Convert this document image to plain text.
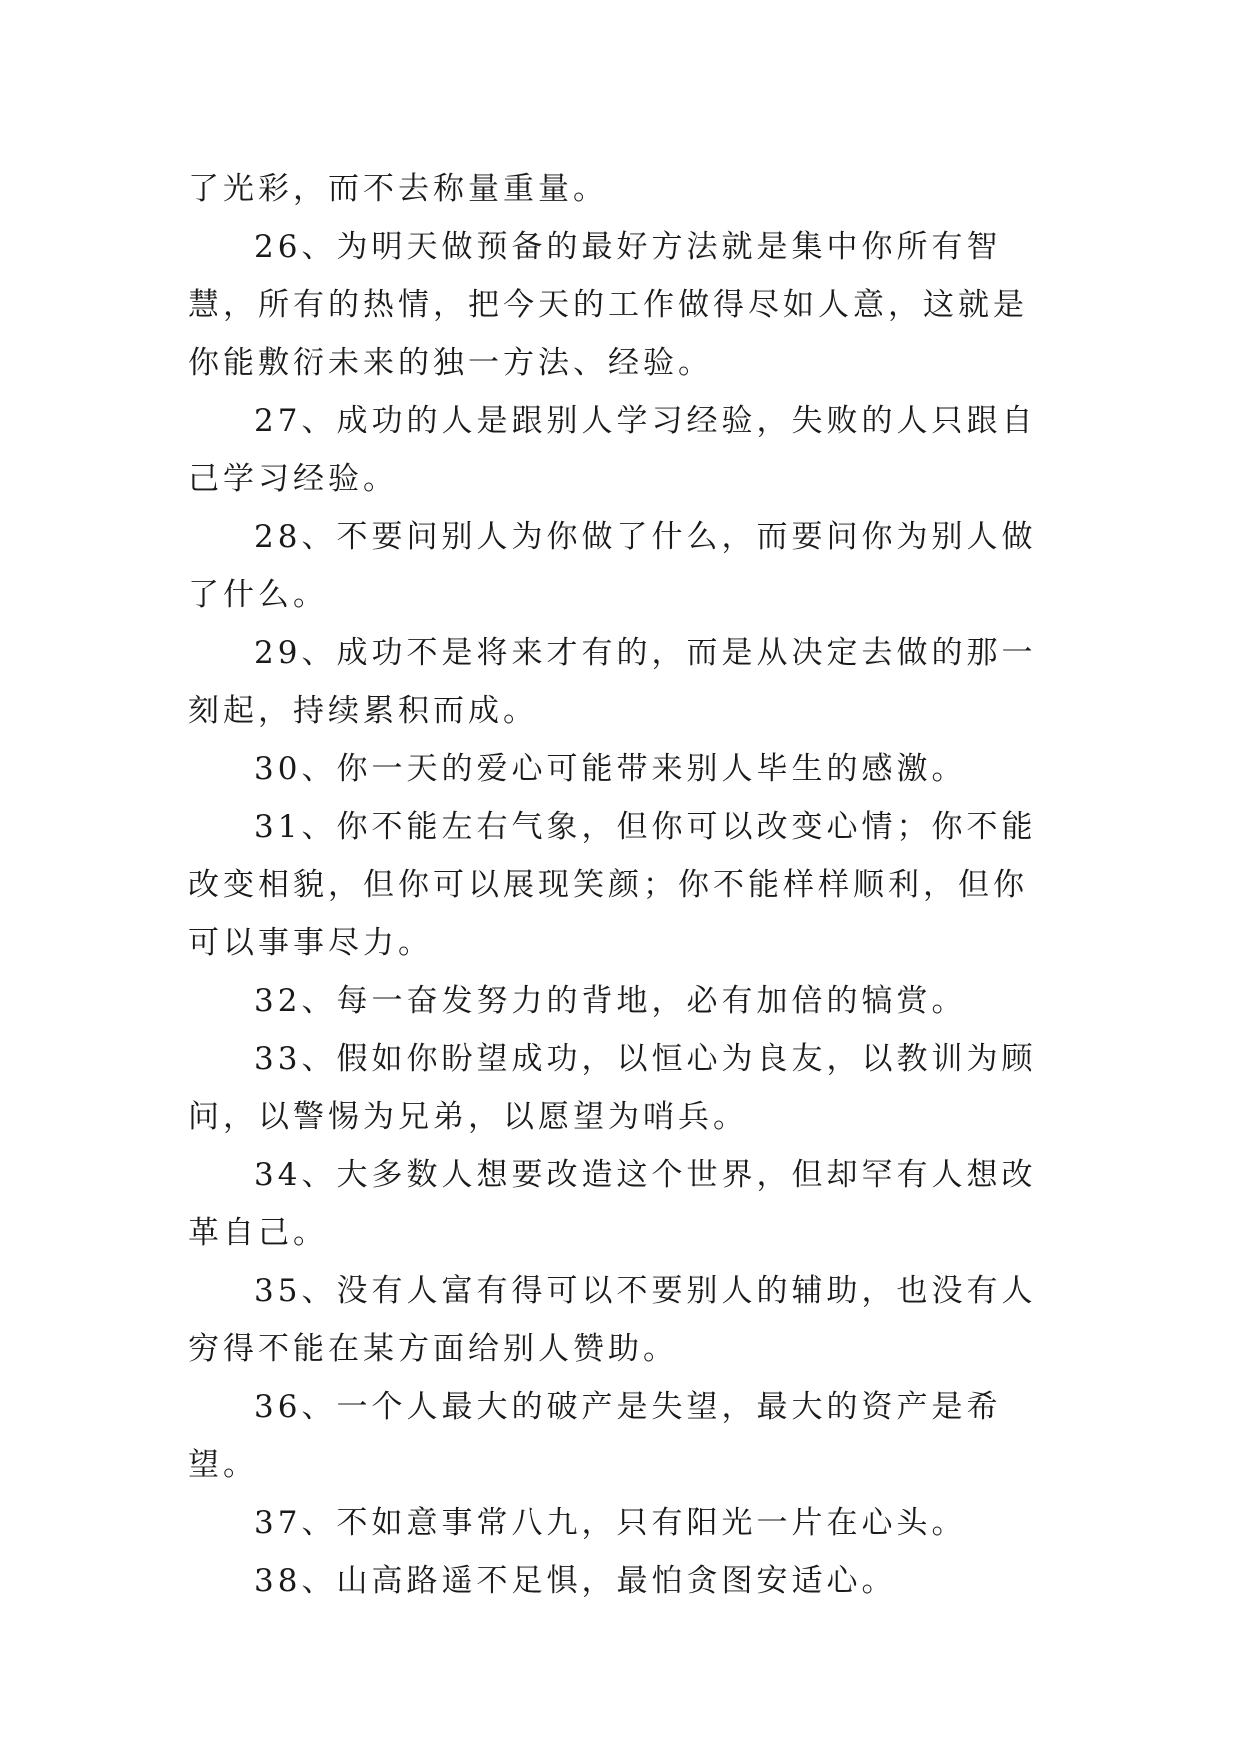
了光彩，而不去称量重量。

26、为明天做预备的最好方法就是集中你所有智慧，所有的热情，把今天的工作做得尽如人意，这就是你能敷衍未来的独一方法、经验。

27、成功的人是跟别人学习经验，失败的人只跟自己学习经验。

28、不要问别人为你做了什么，而要问你为别人做了什么。

29、成功不是将来才有的，而是从决定去做的那一刻起，持续累积而成。

30、你一天的爱心可能带来别人毕生的感激。

31、你不能左右气象，但你可以改变心情；你不能改变相貌，但你可以展现笑颜；你不能样样顺利，但你可以事事尽力。

32、每一奋发努力的背地，必有加倍的犒赏。

33、假如你盼望成功，以恒心为良友，以教训为顾问，以警惕为兄弟，以愿望为哨兵。

34、大多数人想要改造这个世界，但却罕有人想改革自己。

35、没有人富有得可以不要别人的辅助，也没有人穷得不能在某方面给别人赞助。

36、一个人最大的破产是失望，最大的资产是希望。

37、不如意事常八九，只有阳光一片在心头。

38、山高路遥不足惧，最怕贪图安适心。
